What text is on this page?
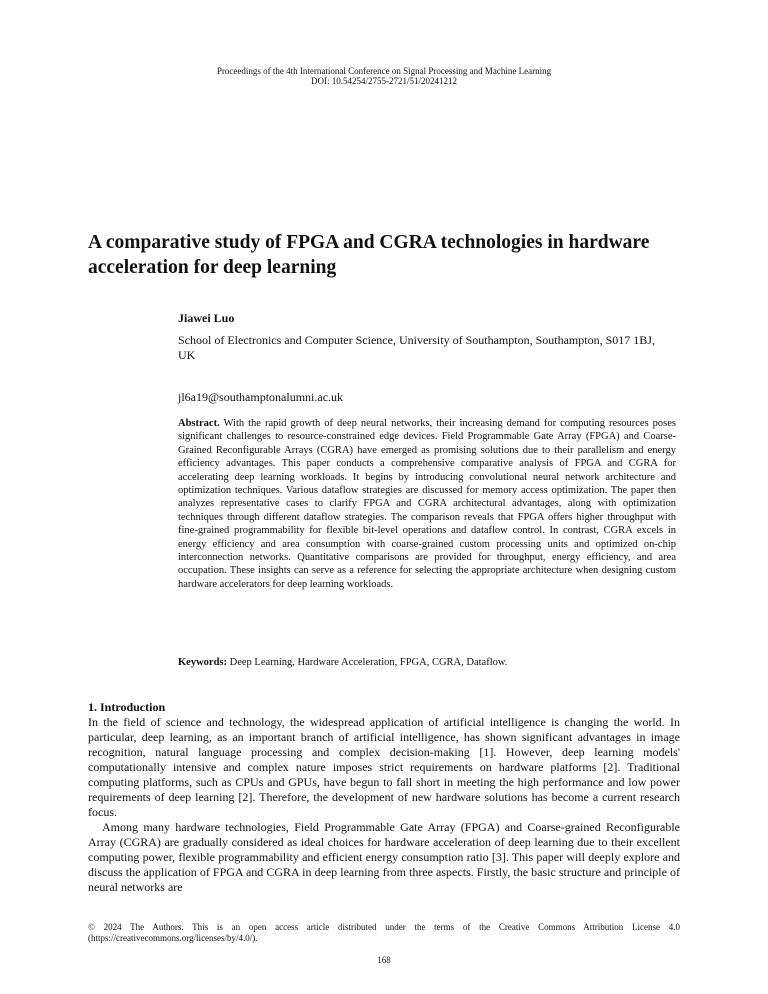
Proceedings of the 4th International Conference on Signal Processing and Machine Learning
DOI: 10.54254/2755-2721/51/20241212
A comparative study of FPGA and CGRA technologies in hardware acceleration for deep learning
Jiawei Luo
School of Electronics and Computer Science, University of Southampton, Southampton, S017 1BJ, UK
jl6a19@southamptonalumni.ac.uk

Abstract. With the rapid growth of deep neural networks, their increasing demand for computing resources poses significant challenges to resource-constrained edge devices. Field Programmable Gate Array (FPGA) and Coarse-Grained Reconfigurable Arrays (CGRA) have emerged as promising solutions due to their parallelism and energy efficiency advantages. This paper conducts a comprehensive comparative analysis of FPGA and CGRA for accelerating deep learning workloads. It begins by introducing convolutional neural network architecture and optimization techniques. Various dataflow strategies are discussed for memory access optimization. The paper then analyzes representative cases to clarify FPGA and CGRA architectural advantages, along with optimization techniques through different dataflow strategies. The comparison reveals that FPGA offers higher throughput with fine-grained programmability for flexible bit-level operations and dataflow control. In contrast, CGRA excels in energy efficiency and area consumption with coarse-grained custom processing units and optimized on-chip interconnection networks. Quantitative comparisons are provided for throughput, energy efficiency, and area occupation. These insights can serve as a reference for selecting the appropriate architecture when designing custom hardware accelerators for deep learning workloads.

Keywords: Deep Learning, Hardware Acceleration, FPGA, CGRA, Dataflow.
1. Introduction

In the field of science and technology, the widespread application of artificial intelligence is changing the world. In particular, deep learning, as an important branch of artificial intelligence, has shown significant advantages in image recognition, natural language processing and complex decision-making [1]. However, deep learning models' computationally intensive and complex nature imposes strict requirements on hardware platforms [2]. Traditional computing platforms, such as CPUs and GPUs, have begun to fall short in meeting the high performance and low power requirements of deep learning [2]. Therefore, the development of new hardware solutions has become a current research focus.

Among many hardware technologies, Field Programmable Gate Array (FPGA) and Coarse-grained Reconfigurable Array (CGRA) are gradually considered as ideal choices for hardware acceleration of deep learning due to their excellent computing power, flexible programmability and efficient energy consumption ratio [3]. This paper will deeply explore and discuss the application of FPGA and CGRA in deep learning from three aspects. Firstly, the basic structure and principle of neural networks are

© 2024 The Authors. This is an open access article distributed under the terms of the Creative Commons Attribution License 4.0 (https://creativecommons.org/licenses/by/4.0/).

168
